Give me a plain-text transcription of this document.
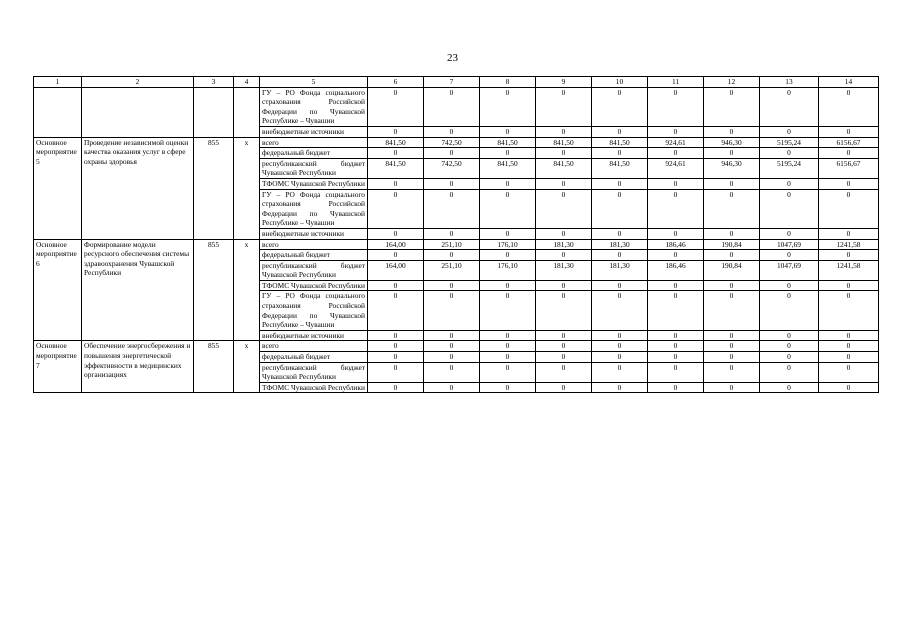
23
1	2	3	4	5	6	7	8	9	10	11	12	13	14
				ГУ – РО Фонда социального страхования Российской Федерации по Чувашской Республике – Чувашии	0	0	0	0	0	0	0	0	0
				внебюджетные источники	0	0	0	0	0	0	0	0	0
Основное мероприятие 5	Проведение независимой оценки качества оказания услуг в сфере охраны здоровья	855	х	всего	841,50	742,50	841,50	841,50	841,50	924,61	946,30	5195,24	6156,67
				федеральный бюджет	0	0	0	0	0	0	0	0	0
				республиканский бюджет Чувашской Республики	841,50	742,50	841,50	841,50	841,50	924,61	946,30	5195,24	6156,67
				ТФОМС Чувашской Республики	0	0	0	0	0	0	0	0	0
				ГУ – РО Фонда социального страхования Российской Федерации по Чувашской Республике – Чувашии	0	0	0	0	0	0	0	0	0
				внебюджетные источники	0	0	0	0	0	0	0	0	0
Основное мероприятие 6	Формирование модели ресурсного обеспечения системы здравоохранения Чувашской Республики	855	х	всего	164,00	251,10	176,10	181,30	181,30	186,46	190,84	1047,69	1241,58
				федеральный бюджет	0	0	0	0	0	0	0	0	0
				республиканский бюджет Чувашской Республики	164,00	251,10	176,10	181,30	181,30	186,46	190,84	1047,69	1241,58
				ТФОМС Чувашской Республики	0	0	0	0	0	0	0	0	0
				ГУ – РО Фонда социального страхования Российской Федерации по Чувашской Республике – Чувашии	0	0	0	0	0	0	0	0	0
				внебюджетные источники	0	0	0	0	0	0	0	0	0
Основное мероприятие 7	Обеспечение энергосбережения и повышения энергетической эффективности в медицинских организациях	855	х	всего	0	0	0	0	0	0	0	0	0
				федеральный бюджет	0	0	0	0	0	0	0	0	0
				республиканский бюджет Чувашской Республики	0	0	0	0	0	0	0	0	0
				ТФОМС Чувашской Республики	0	0	0	0	0	0	0	0	0
